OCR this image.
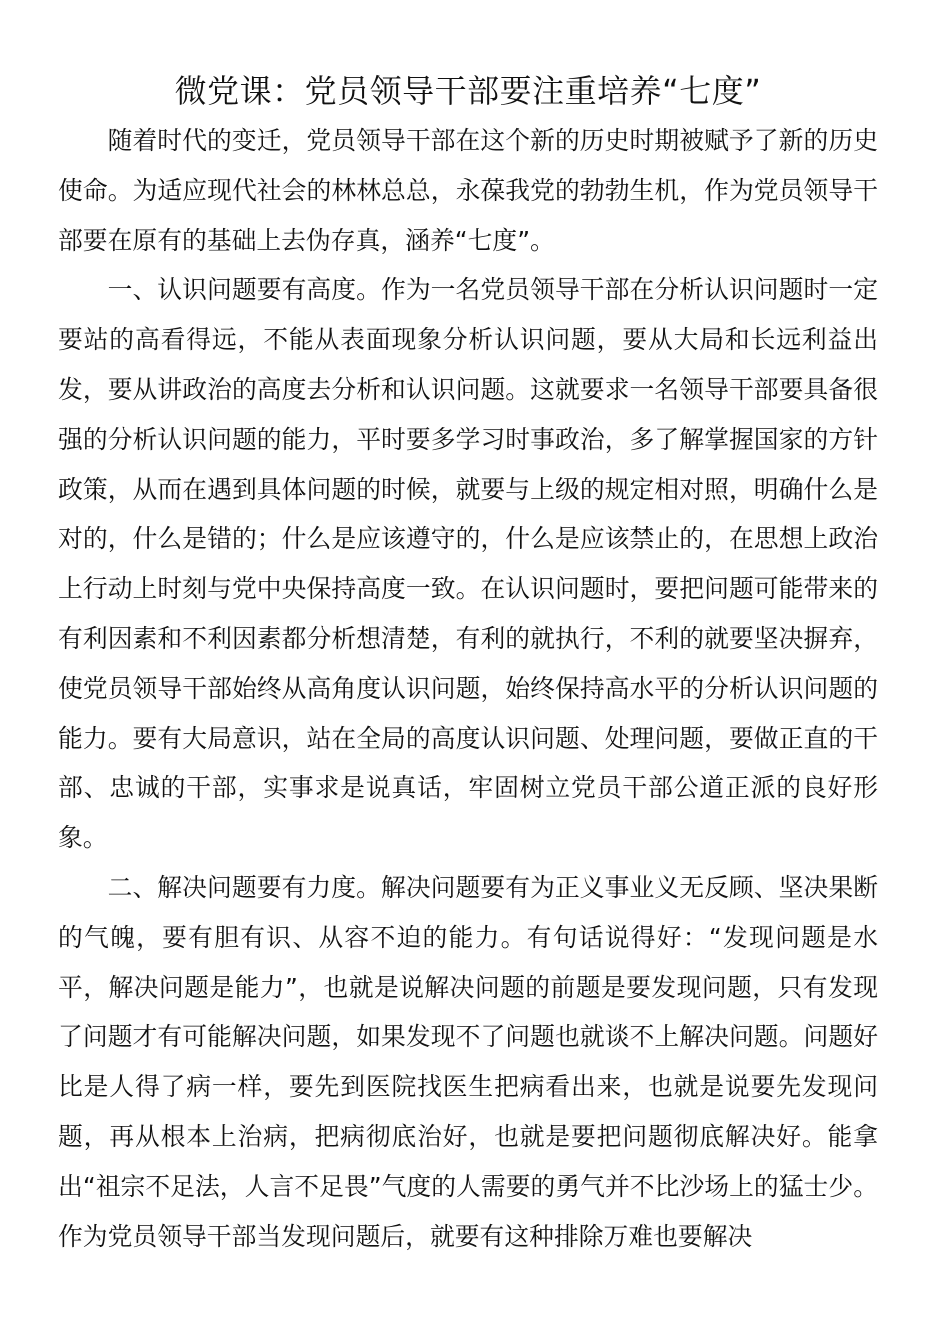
微党课：党员领导干部要注重培养“七度”

随着时代的变迁，党员领导干部在这个新的历史时期被赋予了新的历史使命。为适应现代社会的林林总总，永葆我党的勃勃生机，作为党员领导干部要在原有的基础上去伪存真，涵养“七度”。

一、认识问题要有高度。作为一名党员领导干部在分析认识问题时一定要站的高看得远，不能从表面现象分析认识问题，要从大局和长远利益出发，要从讲政治的高度去分析和认识问题。这就要求一名领导干部要具备很强的分析认识问题的能力，平时要多学习时事政治，多了解掌握国家的方针政策，从而在遇到具体问题的时候，就要与上级的规定相对照，明确什么是对的，什么是错的；什么是应该遵守的，什么是应该禁止的，在思想上政治上行动上时刻与党中央保持高度一致。在认识问题时，要把问题可能带来的有利因素和不利因素都分析想清楚，有利的就执行，不利的就要坚决摒弃，使党员领导干部始终从高角度认识问题，始终保持高水平的分析认识问题的能力。要有大局意识，站在全局的高度认识问题、处理问题，要做正直的干部、忠诚的干部，实事求是说真话，牢固树立党员干部公道正派的良好形象。

二、解决问题要有力度。解决问题要有为正义事业义无反顾、坚决果断的气魄，要有胆有识、从容不迫的能力。有句话说得好：“发现问题是水平，解决问题是能力”，也就是说解决问题的前题是要发现问题，只有发现了问题才有可能解决问题，如果发现不了问题也就谈不上解决问题。问题好比是人得了病一样，要先到医院找医生把病看出来，也就是说要先发现问题，再从根本上治病，把病彻底治好，也就是要把问题彻底解决好。能拿出“祖宗不足法，人言不足畏”气度的人需要的勇气并不比沙场上的猛士少。作为党员领导干部当发现问题后，就要有这种排除万难也要解决
